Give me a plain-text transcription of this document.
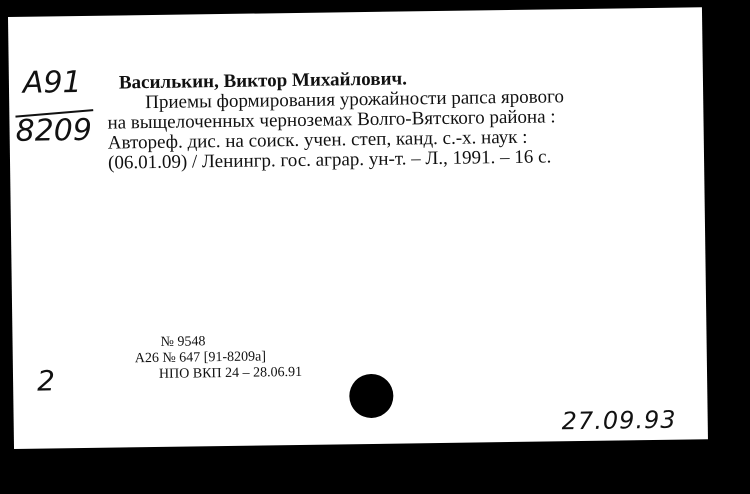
А91
8209
Василькин, Виктор Михайлович.
Приемы формирования урожайности рапса ярового
на выщелоченных черноземах Волго-Вятского района :
Автореф. дис. на соиск. учен. степ, канд. с.-х. наук :
(06.01.09) / Ленингр. гос. аграр. ун-т. – Л., 1991. – 16 с.
№ 9548
А26 № 647 [91-8209а]
НПО ВКП 24 – 28.06.91
2
27.09.93
